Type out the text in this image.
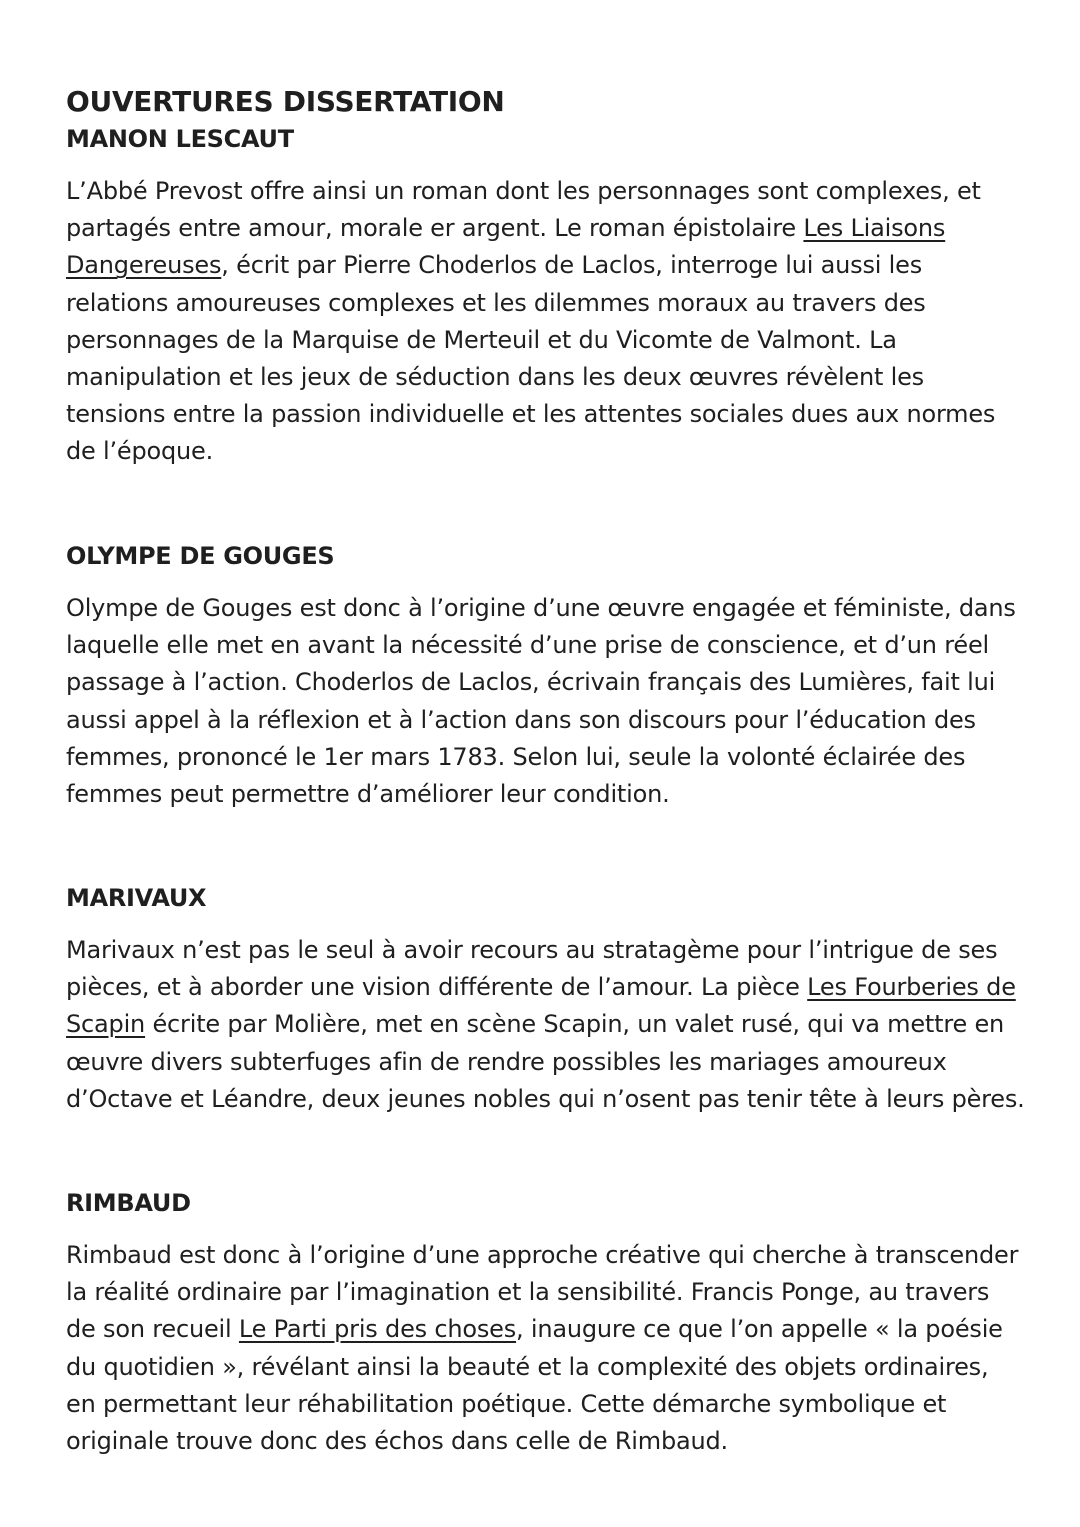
OUVERTURES DISSERTATION
MANON LESCAUT

L’Abbé Prevost offre ainsi un roman dont les personnages sont complexes, et
partagés entre amour, morale er argent. Le roman épistolaire Les Liaisons
Dangereuses, écrit par Pierre Choderlos de Laclos, interroge lui aussi les
relations amoureuses complexes et les dilemmes moraux au travers des
personnages de la Marquise de Merteuil et du Vicomte de Valmont. La
manipulation et les jeux de séduction dans les deux œuvres révèlent les
tensions entre la passion individuelle et les attentes sociales dues aux normes
de l’époque.

OLYMPE DE GOUGES

Olympe de Gouges est donc à l’origine d’une œuvre engagée et féministe, dans
laquelle elle met en avant la nécessité d’une prise de conscience, et d’un réel
passage à l’action. Choderlos de Laclos, écrivain français des Lumières, fait lui
aussi appel à la réflexion et à l’action dans son discours pour l’éducation des
femmes, prononcé le 1er mars 1783. Selon lui, seule la volonté éclairée des
femmes peut permettre d’améliorer leur condition.

MARIVAUX

Marivaux n’est pas le seul à avoir recours au stratagème pour l’intrigue de ses
pièces, et à aborder une vision différente de l’amour. La pièce Les Fourberies de
Scapin écrite par Molière, met en scène Scapin, un valet rusé, qui va mettre en
œuvre divers subterfuges afin de rendre possibles les mariages amoureux
d’Octave et Léandre, deux jeunes nobles qui n’osent pas tenir tête à leurs pères.

RIMBAUD

Rimbaud est donc à l’origine d’une approche créative qui cherche à transcender
la réalité ordinaire par l’imagination et la sensibilité. Francis Ponge, au travers
de son recueil Le Parti pris des choses, inaugure ce que l’on appelle « la poésie
du quotidien », révélant ainsi la beauté et la complexité des objets ordinaires,
en permettant leur réhabilitation poétique. Cette démarche symbolique et
originale trouve donc des échos dans celle de Rimbaud.
